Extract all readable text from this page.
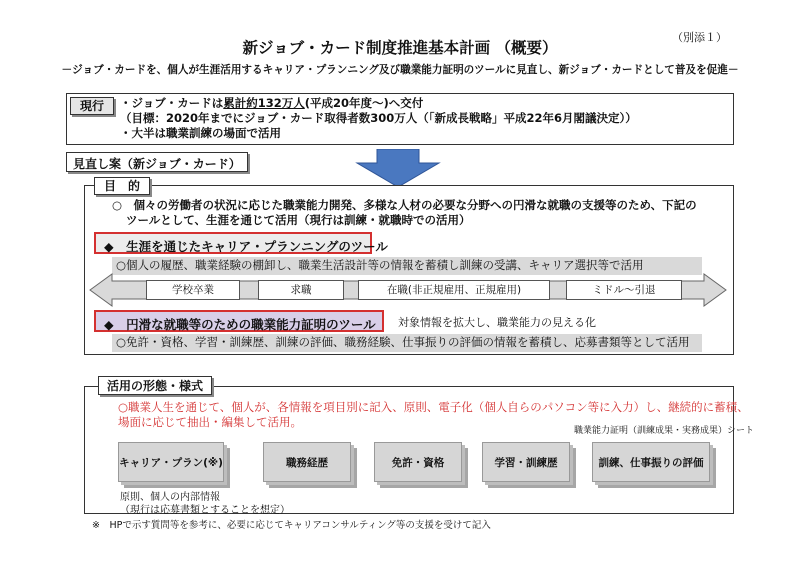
（別添１）
新ジョブ・カード制度推進基本計画 （概要）
－ジョブ・カードを、個人が生涯活用するキャリア・プランニング及び職業能力証明のツールに見直し、新ジョブ・カードとして普及を促進－
現行	・ジョブ・カードは累計約132万人(平成20年度～)へ交付
（目標：2020年までにジョブ・カード取得者数300万人（「新成長戦略」平成22年6月閣議決定））
・大半は職業訓練の場面で活用
見直し案（新ジョブ・カード）
目　的
○　個々の労働者の状況に応じた職業能力開発、多様な人材の必要な分野への円滑な就職の支援等のため、下記の
ツールとして、生涯を通じて活用（現行は訓練・就職時での活用）
◆　生涯を通じたキャリア・プランニングのツール
○個人の履歴、職業経験の棚卸し、職業生活設計等の情報を蓄積し訓練の受講、キャリア選択等で活用
学校卒業	求職	在職(非正規雇用、正規雇用)	ミドル～引退
◆　円滑な就職等のための職業能力証明のツール	対象情報を拡大し、職業能力の見える化
○免許・資格、学習・訓練歴、訓練の評価、職務経験、仕事振りの評価の情報を蓄積し、応募書類等として活用
活用の形態・様式
○職業人生を通じて、個人が、各情報を項目別に記入、原則、電子化（個人自らのパソコン等に入力）し、継続的に蓄積、
場面に応じて抽出・編集して活用。
職業能力証明（訓練成果・実務成果）シート
キャリア・プラン(※)	職務経歴	免許・資格	学習・訓練歴	訓練、仕事振りの評価
原則、個人の内部情報
（現行は応募書類とすることを想定）
※　HPで示す質問等を参考に、必要に応じてキャリアコンサルティング等の支援を受けて記入
